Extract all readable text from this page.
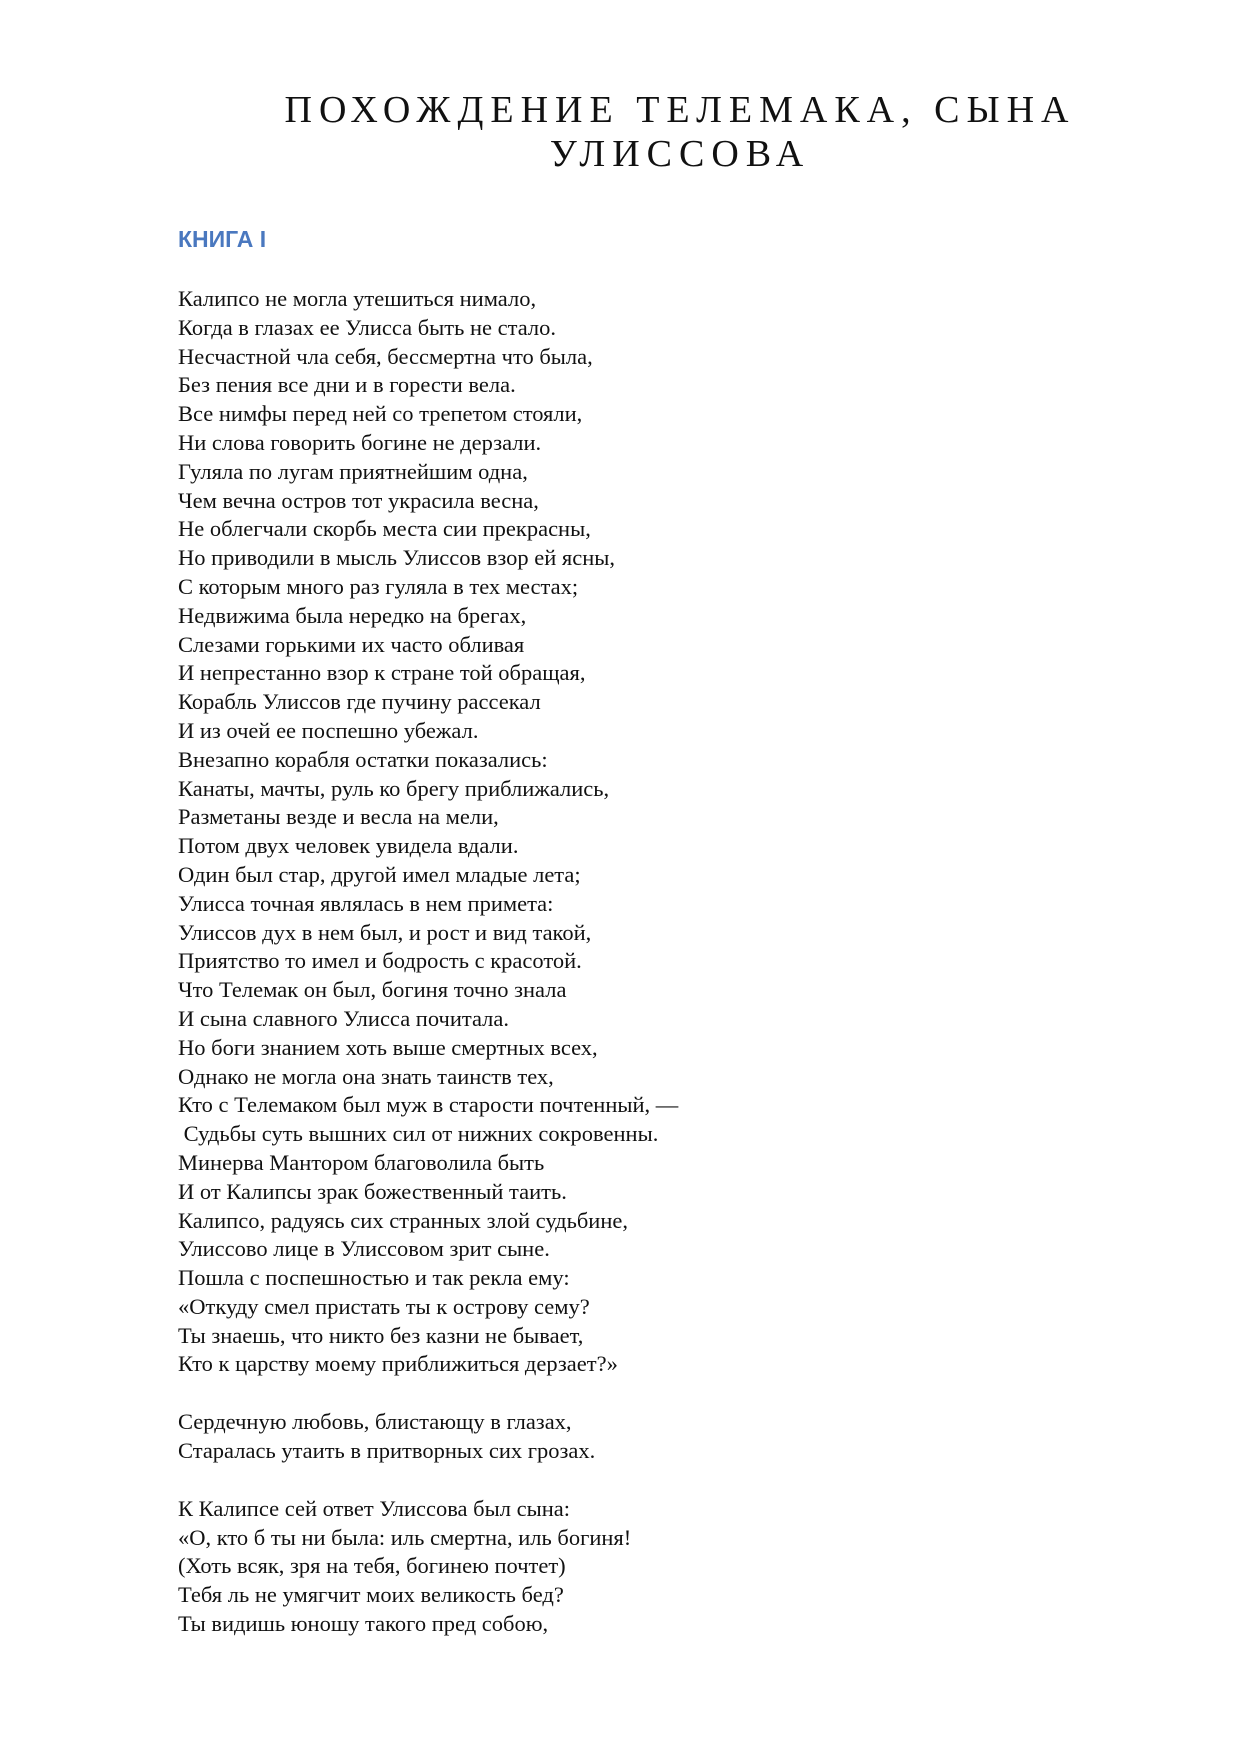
ПОХОЖДЕНИЕ ТЕЛЕМАКА, СЫНА
УЛИССОВА
КНИГА I

Калипсо не могла утешиться нимало,
Когда в глазах ее Улисса быть не стало.
Несчастной чла себя, бессмертна что была,
Без пения все дни и в горести вела.
Все нимфы перед ней со трепетом стояли,
Ни слова говорить богине не дерзали.
Гуляла по лугам приятнейшим одна,
Чем вечна остров тот украсила весна,
Не облегчали скорбь места сии прекрасны,
Но приводили в мысль Улиссов взор ей ясны,
С которым много раз гуляла в тех местах;
Недвижима была нередко на брегах,
Слезами горькими их часто обливая
И непрестанно взор к стране той обращая,
Корабль Улиссов где пучину рассекал
И из очей ее поспешно убежал.
Внезапно корабля остатки показались:
Канаты, мачты, руль ко брегу приближались,
Разметаны везде и весла на мели,
Потом двух человек увидела вдали.
Один был стар, другой имел младые лета;
Улисса точная являлась в нем примета:
Улиссов дух в нем был, и рост и вид такой,
Приятство то имел и бодрость с красотой.
Что Телемак он был, богиня точно знала
И сына славного Улисса почитала.
Но боги знанием хоть выше смертных всех,
Однако не могла она знать таинств тех,
Кто с Телемаком был муж в старости почтенный, —
Судьбы суть вышних сил от нижних сокровенны.
Минерва Мантором благоволила быть
И от Калипсы зрак божественный таить.
Калипсо, радуясь сих странных злой судьбине,
Улиссово лице в Улиссовом зрит сыне.
Пошла с поспешностью и так рекла ему:
«Откуду смел пристать ты к острову сему?
Ты знаешь, что никто без казни не бывает,
Кто к царству моему приближиться дерзает?»

Сердечную любовь, блистающу в глазах,
Старалась утаить в притворных сих грозах.

К Калипсе сей ответ Улиссова был сына:
«О, кто б ты ни была: иль смертна, иль богиня!
(Хоть всяк, зря на тебя, богинею почтет)
Тебя ль не умягчит моих великость бед?
Ты видишь юношу такого пред собою,
